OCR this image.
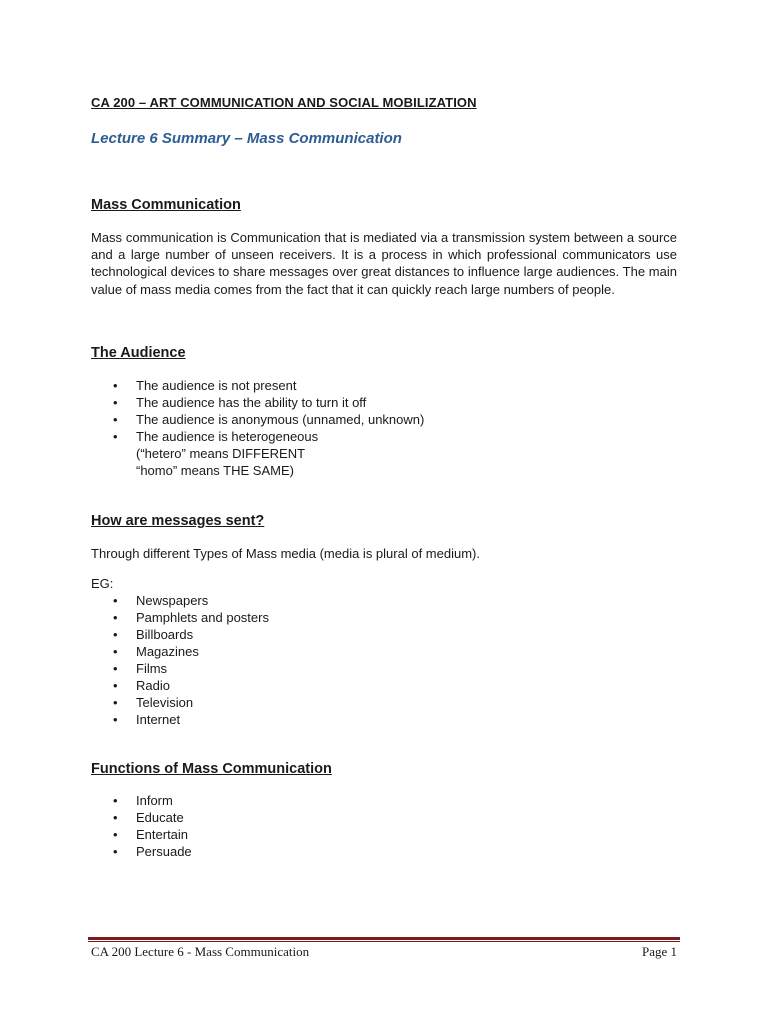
CA 200 – ART COMMUNICATION AND SOCIAL MOBILIZATION
Lecture 6 Summary – Mass Communication
Mass Communication
Mass communication is Communication that is mediated via a transmission system between a source and a large number of unseen receivers. It is a process in which professional communicators use technological devices to share messages over great distances to influence large audiences. The main value of mass media comes from the fact that it can quickly reach large numbers of people.
The Audience
• The audience is not present
• The audience has the ability to turn it off
• The audience is anonymous (unnamed, unknown)
• The audience is heterogeneous
(“hetero” means DIFFERENT
“homo” means THE SAME)
How are messages sent?
Through different Types of Mass media (media is plural of medium).
EG:
• Newspapers
• Pamphlets and posters
• Billboards
• Magazines
• Films
• Radio
• Television
• Internet
Functions of Mass Communication
• Inform
• Educate
• Entertain
• Persuade
CA 200 Lecture 6 - Mass Communication	Page 1
